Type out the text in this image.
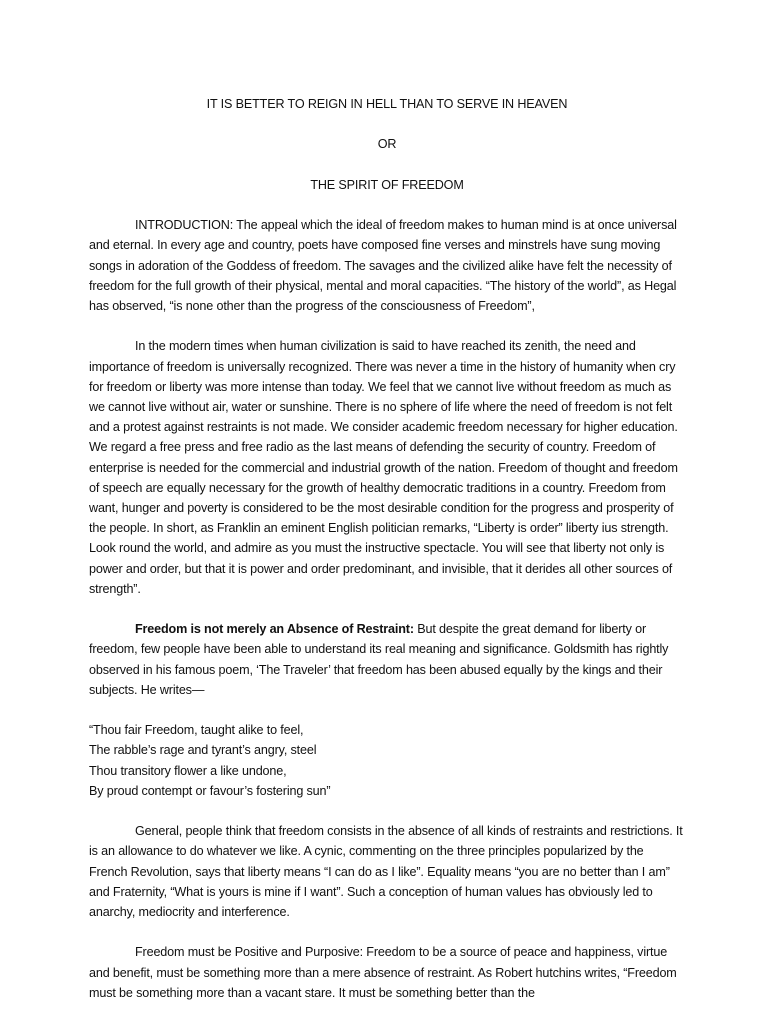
IT IS BETTER TO REIGN IN HELL THAN TO SERVE IN HEAVEN

OR

THE SPIRIT OF FREEDOM

INTRODUCTION: The appeal which the ideal of freedom makes to human mind is at once universal and eternal. In every age and country, poets have composed fine verses and minstrels have sung moving songs in adoration of the Goddess of freedom. The savages and the civilized alike have felt the necessity of freedom for the full growth of their physical, mental and moral capacities. “The history of the world”, as Hegal has observed, “is none other than the progress of the consciousness of Freedom”,

In the modern times when human civilization is said to have reached its zenith, the need and importance of freedom is universally recognized. There was never a time in the history of humanity when cry for freedom or liberty was more intense than today. We feel that we cannot live without freedom as much as we cannot live without air, water or sunshine. There is no sphere of life where the need of freedom is not felt and a protest against restraints is not made. We consider academic freedom necessary for higher education. We regard a free press and free radio as the last means of defending the security of country. Freedom of enterprise is needed for the commercial and industrial growth of the nation. Freedom of thought and freedom of speech are equally necessary for the growth of healthy democratic traditions in a country. Freedom from want, hunger and poverty is considered to be the most desirable condition for the progress and prosperity of the people. In short, as Franklin an eminent English politician remarks, “Liberty is order” liberty ius strength. Look round the world, and admire as you must the instructive spectacle. You will see that liberty not only is power and order, but that it is power and order predominant, and invisible, that it derides all other sources of strength”.

Freedom is not merely an Absence of Restraint: But despite the great demand for liberty or freedom, few people have been able to understand its real meaning and significance. Goldsmith has rightly observed in his famous poem, ‘The Traveler’ that freedom has been abused equally by the kings and their subjects. He writes—

“Thou fair Freedom, taught alike to feel,
The rabble’s rage and tyrant’s angry, steel
Thou transitory flower a like undone,
By proud contempt or favour’s fostering sun”

General, people think that freedom consists in the absence of all kinds of restraints and restrictions. It is an allowance to do whatever we like. A cynic, commenting on the three principles popularized by the French Revolution, says that liberty means “I can do as I like”. Equality means “you are no better than I am” and Fraternity, “What is yours is mine if I want”. Such a conception of human values has obviously led to anarchy, mediocrity and interference.

Freedom must be Positive and Purposive: Freedom to be a source of peace and happiness, virtue and benefit, must be something more than a mere absence of restraint. As Robert hutchins writes, “Freedom must be something more than a vacant stare. It must be something better than the
